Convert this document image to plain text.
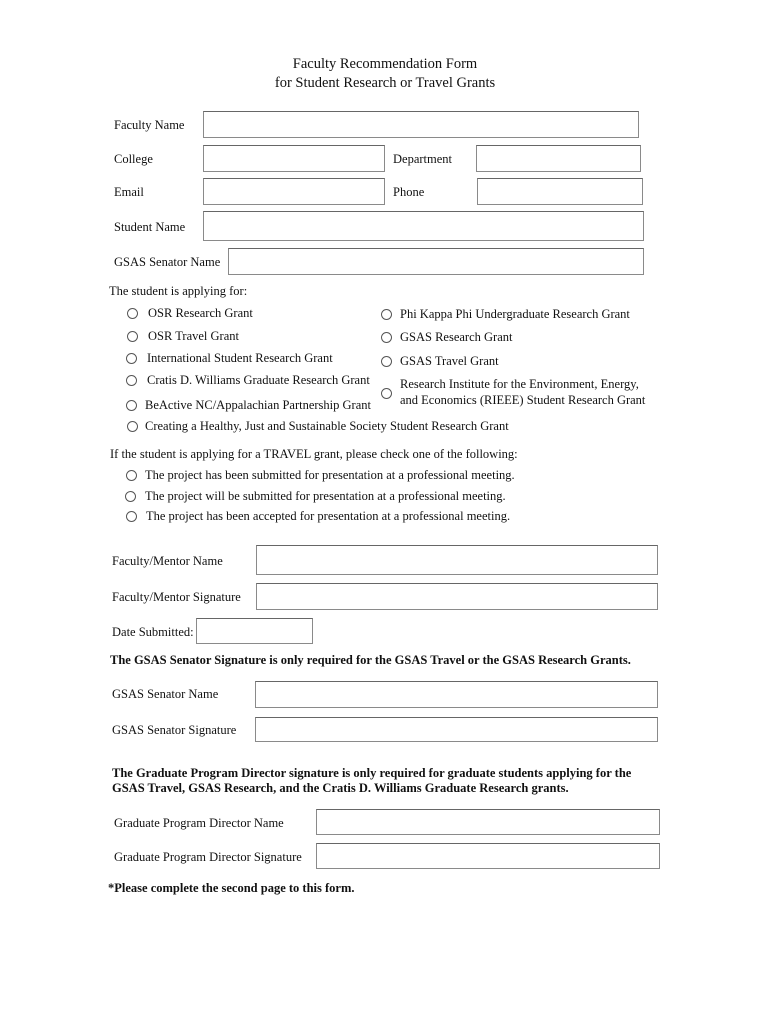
Faculty Recommendation Form
for Student Research or Travel Grants
Faculty Name
College	Department
Email	Phone
Student Name
GSAS Senator Name
The student is applying for:
OSR Research Grant
OSR Travel Grant
International Student Research Grant
Cratis D. Williams Graduate Research Grant
BeActive NC/Appalachian Partnership Grant
Phi Kappa Phi Undergraduate Research Grant
GSAS Research Grant
GSAS Travel Grant
Research Institute for the Environment, Energy,
and Economics (RIEEE) Student Research Grant
Creating a Healthy, Just and Sustainable Society Student Research Grant
If the student is applying for a TRAVEL grant, please check one of the following:
The project has been submitted for presentation at a professional meeting.
The project will be submitted for presentation at a professional meeting.
The project has been accepted for presentation at a professional meeting.
Faculty/Mentor Name
Faculty/Mentor Signature
Date Submitted:
The GSAS Senator Signature is only required for the GSAS Travel or the GSAS Research Grants.
GSAS Senator Name
GSAS Senator Signature
The Graduate Program Director signature is only required for graduate students applying for the
GSAS Travel, GSAS Research, and the Cratis D. Williams Graduate Research grants.
Graduate Program Director Name
Graduate Program Director Signature
*Please complete the second page to this form.
